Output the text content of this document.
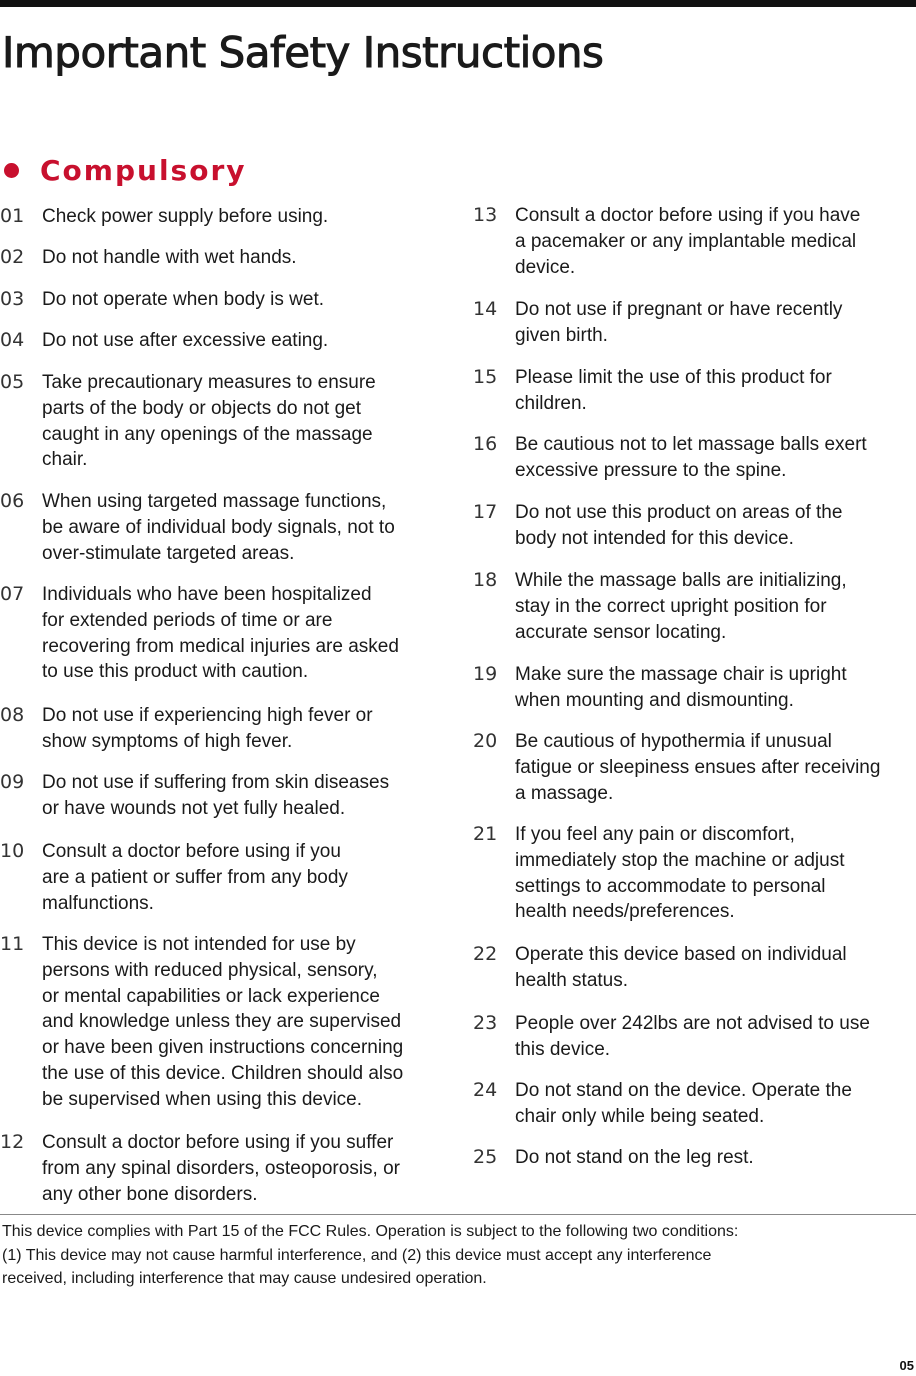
Important Safety Instructions
Compulsory
01 Check power supply before using.
02 Do not handle with wet hands.
03 Do not operate when body is wet.
04 Do not use after excessive eating.
05 Take precautionary measures to ensure
parts of the body or objects do not get
caught in any openings of the massage
chair.
06 When using targeted massage functions,
be aware of individual body signals, not to
over-stimulate targeted areas.
07 Individuals who have been hospitalized
for extended periods of time or are
recovering from medical injuries are asked
to use this product with caution.
08 Do not use if experiencing high fever or
show symptoms of high fever.
09 Do not use if suffering from skin diseases
or have wounds not yet fully healed.
10 Consult a doctor before using if you
are a patient or suffer from any body
malfunctions.
11 This device is not intended for use by
persons with reduced physical, sensory,
or mental capabilities or lack experience
and knowledge unless they are supervised
or have been given instructions concerning
the use of this device. Children should also
be supervised when using this device.
12 Consult a doctor before using if you suffer
from any spinal disorders, osteoporosis, or
any other bone disorders.
13 Consult a doctor before using if you have
a pacemaker or any implantable medical
device.
14 Do not use if pregnant or have recently
given birth.
15 Please limit the use of this product for
children.
16 Be cautious not to let massage balls exert
excessive pressure to the spine.
17 Do not use this product on areas of the
body not intended for this device.
18 While the massage balls are initializing,
stay in the correct upright position for
accurate sensor locating.
19 Make sure the massage chair is upright
when mounting and dismounting.
20 Be cautious of hypothermia if unusual
fatigue or sleepiness ensues after receiving
a massage.
21 If you feel any pain or discomfort,
immediately stop the machine or adjust
settings to accommodate to personal
health needs/preferences.
22 Operate this device based on individual
health status.
23 People over 242lbs are not advised to use
this device.
24 Do not stand on the device. Operate the
chair only while being seated.
25 Do not stand on the leg rest.
This device complies with Part 15 of the FCC Rules. Operation is subject to the following two conditions:
(1) This device may not cause harmful interference, and (2) this device must accept any interference
received, including interference that may cause undesired operation.
05
